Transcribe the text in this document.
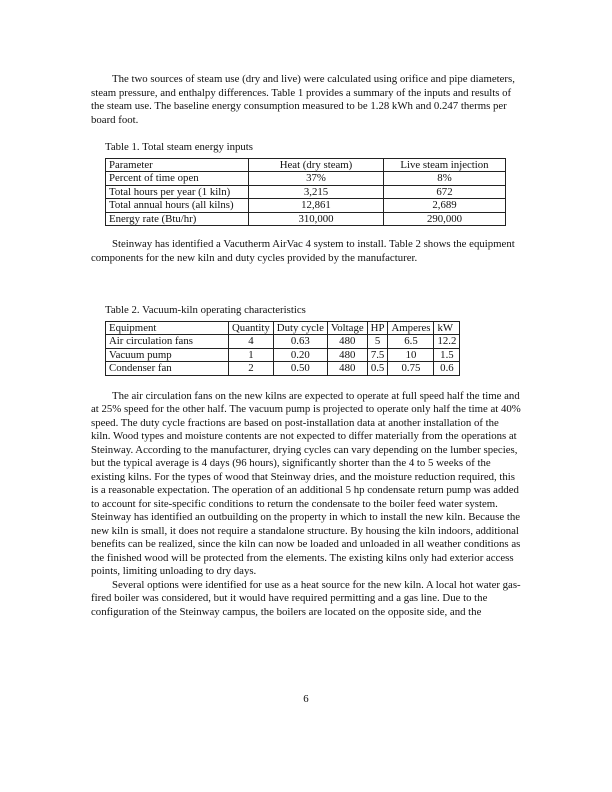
The two sources of steam use (dry and live) were calculated using orifice and pipe diameters, steam pressure, and enthalpy differences. Table 1 provides a summary of the inputs and results of the steam use. The baseline energy consumption measured to be 1.28 kWh and 0.247 therms per board foot.

Table 1. Total steam energy inputs

Parameter	Heat (dry steam)	Live steam injection
Percent of time open	37%	8%
Total hours per year (1 kiln)	3,215	672
Total annual hours (all kilns)	12,861	2,689
Energy rate (Btu/hr)	310,000	290,000

Steinway has identified a Vacutherm AirVac 4 system to install. Table 2 shows the equipment components for the new kiln and duty cycles provided by the manufacturer.

Table 2. Vacuum-kiln operating characteristics

Equipment	Quantity	Duty cycle	Voltage	HP	Amperes	kW
Air circulation fans	4	0.63	480	5	6.5	12.2
Vacuum pump	1	0.20	480	7.5	10	1.5
Condenser fan	2	0.50	480	0.5	0.75	0.6

The air circulation fans on the new kilns are expected to operate at full speed half the time and at 25% speed for the other half. The vacuum pump is projected to operate only half the time at 40% speed. The duty cycle fractions are based on post-installation data at another installation of the kiln. Wood types and moisture contents are not expected to differ materially from the operations at Steinway. According to the manufacturer, drying cycles can vary depending on the lumber species, but the typical average is 4 days (96 hours), significantly shorter than the 4 to 5 weeks of the existing kilns. For the types of wood that Steinway dries, and the moisture reduction required, this is a reasonable expectation. The operation of an additional 5 hp condensate return pump was added to account for site-specific conditions to return the condensate to the boiler feed water system. Steinway has identified an outbuilding on the property in which to install the new kiln. Because the new kiln is small, it does not require a standalone structure. By housing the kiln indoors, additional benefits can be realized, since the kiln can now be loaded and unloaded in all weather conditions as the finished wood will be protected from the elements. The existing kilns only had exterior access points, limiting unloading to dry days.

Several options were identified for use as a heat source for the new kiln. A local hot water gas-fired boiler was considered, but it would have required permitting and a gas line. Due to the configuration of the Steinway campus, the boilers are located on the opposite side, and the

6
